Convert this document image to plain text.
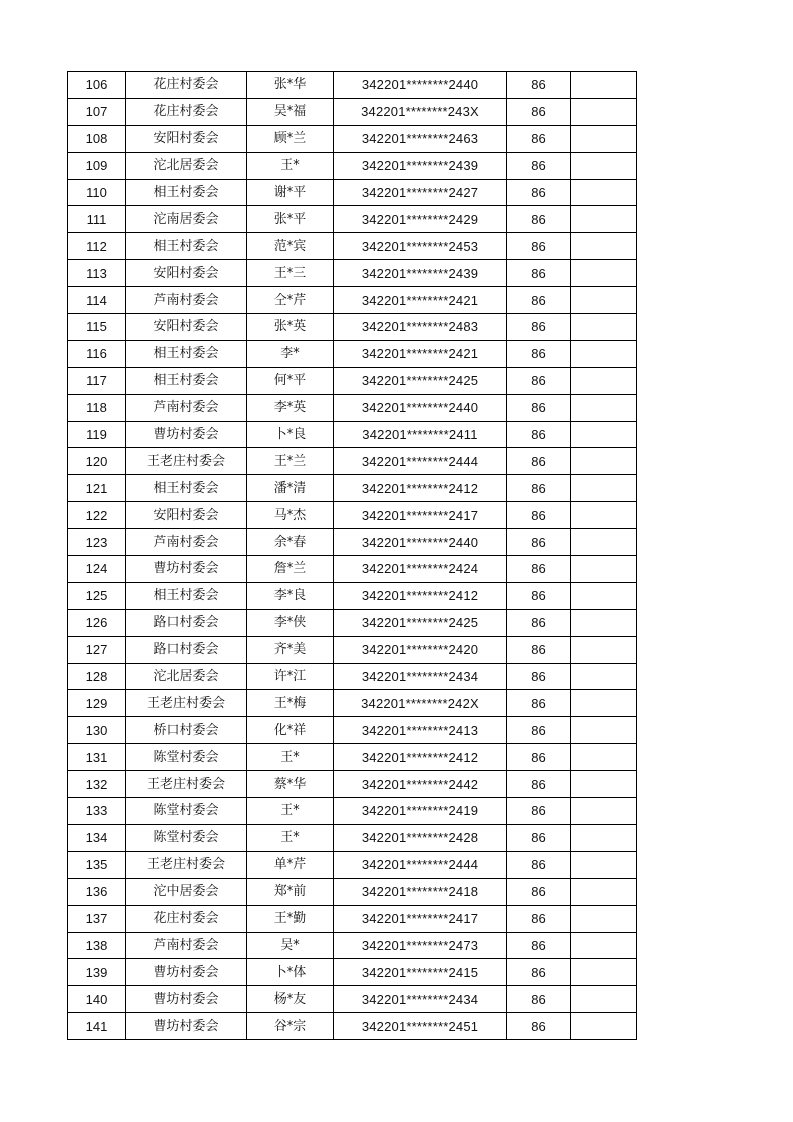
106	花庄村委会	张*华	342201********2440	86	
107	花庄村委会	吴*福	342201********243X	86	
108	安阳村委会	顾*兰	342201********2463	86	
109	沱北居委会	王*	342201********2439	86	
110	相王村委会	谢*平	342201********2427	86	
111	沱南居委会	张*平	342201********2429	86	
112	相王村委会	范*宾	342201********2453	86	
113	安阳村委会	王*三	342201********2439	86	
114	芦南村委会	仝*芹	342201********2421	86	
115	安阳村委会	张*英	342201********2483	86	
116	相王村委会	李*	342201********2421	86	
117	相王村委会	何*平	342201********2425	86	
118	芦南村委会	李*英	342201********2440	86	
119	曹坊村委会	卜*良	342201********2411	86	
120	王老庄村委会	王*兰	342201********2444	86	
121	相王村委会	潘*清	342201********2412	86	
122	安阳村委会	马*杰	342201********2417	86	
123	芦南村委会	余*春	342201********2440	86	
124	曹坊村委会	詹*兰	342201********2424	86	
125	相王村委会	李*良	342201********2412	86	
126	路口村委会	李*侠	342201********2425	86	
127	路口村委会	齐*美	342201********2420	86	
128	沱北居委会	许*江	342201********2434	86	
129	王老庄村委会	王*梅	342201********242X	86	
130	桥口村委会	化*祥	342201********2413	86	
131	陈堂村委会	王*	342201********2412	86	
132	王老庄村委会	蔡*华	342201********2442	86	
133	陈堂村委会	王*	342201********2419	86	
134	陈堂村委会	王*	342201********2428	86	
135	王老庄村委会	单*芹	342201********2444	86	
136	沱中居委会	郑*前	342201********2418	86	
137	花庄村委会	王*勤	342201********2417	86	
138	芦南村委会	吴*	342201********2473	86	
139	曹坊村委会	卜*体	342201********2415	86	
140	曹坊村委会	杨*友	342201********2434	86	
141	曹坊村委会	谷*宗	342201********2451	86	
